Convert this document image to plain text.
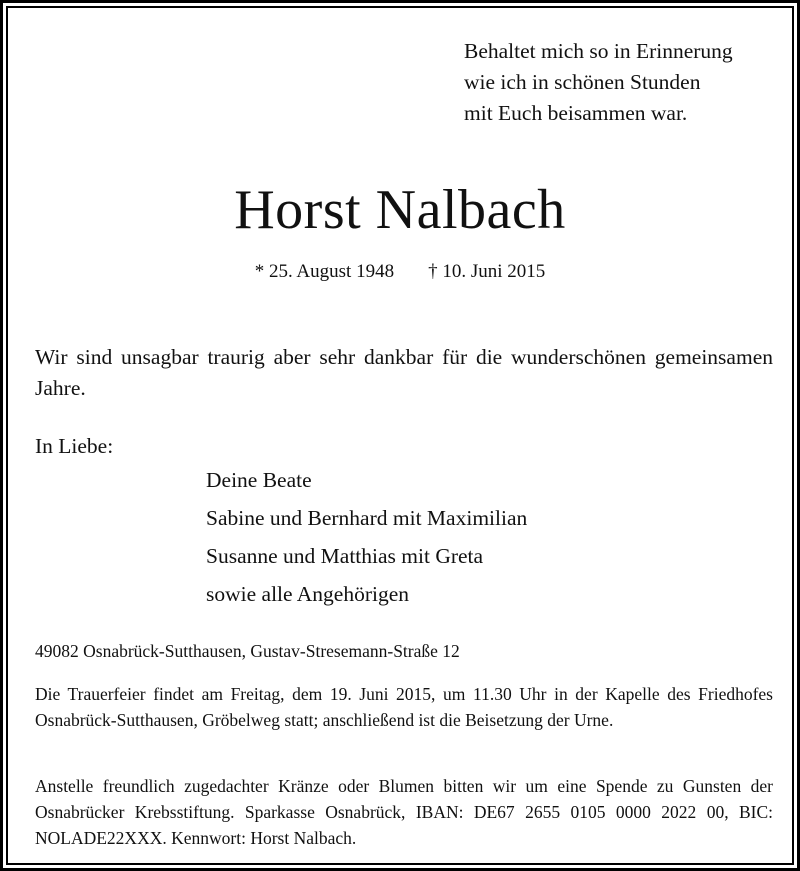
Behaltet mich so in Erinnerung
wie ich in schönen Stunden
mit Euch beisammen war.
Horst Nalbach
* 25. August 1948 † 10. Juni 2015
Wir sind unsagbar traurig aber sehr dankbar für die wunderschönen gemeinsamen Jahre.
In Liebe:
Deine Beate
Sabine und Bernhard mit Maximilian
Susanne und Matthias mit Greta
sowie alle Angehörigen
49082 Osnabrück-Sutthausen, Gustav-Stresemann-Straße 12
Die Trauerfeier findet am Freitag, dem 19. Juni 2015, um 11.30 Uhr in der Kapelle des Friedhofes Osnabrück-Sutthausen, Gröbelweg statt; anschließend ist die Beisetzung der Urne.
Anstelle freundlich zugedachter Kränze oder Blumen bitten wir um eine Spende zu Gunsten der Osnabrücker Krebsstiftung. Sparkasse Osnabrück, IBAN: DE67 2655 0105 0000 2022 00, BIC: NOLADE22XXX. Kennwort: Horst Nalbach.
